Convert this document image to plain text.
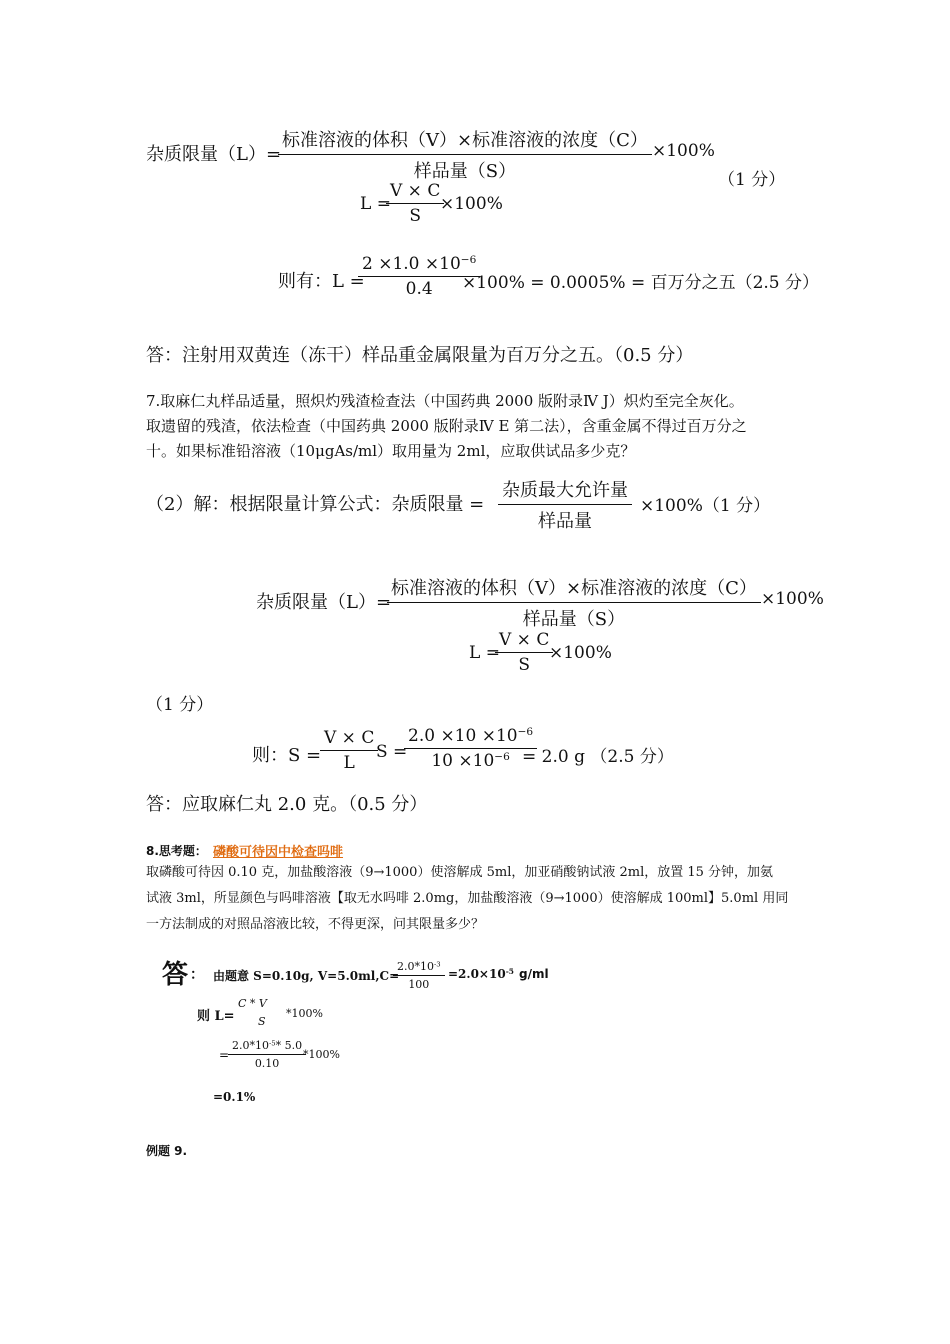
杂质限量（L）=
标准溶液的体积（V）×标准溶液的浓度（C）
样品量（S）
×100%
（1 分）
L =
$\frac{V \times C}{S}$
×100%
则有：L =
$\frac{2 \times 1.0 \times 10^{-6}}{0.4}$
×100% = 0.0005% = 百万分之五（2.5 分）
答：注射用双黄连（冻干）样品重金属限量为百万分之五。（0.5 分）
7.取麻仁丸样品适量，照炽灼残渣检查法（中国药典 2000 版附录Ⅳ J）炽灼至完全灰化。
取遗留的残渣，依法检查（中国药典 2000 版附录Ⅳ E 第二法），含重金属不得过百万分之
十。如果标准铅溶液（10μgAs/ml）取用量为 2ml，应取供试品多少克？
（2）解：根据限量计算公式：杂质限量 =
杂质最大允许量
样品量
×100%（1 分）
杂质限量（L）=
标准溶液的体积（V）×标准溶液的浓度（C）
样品量（S）
×100%
L =
$\frac{V \times C}{S}$
×100%
（1 分）
则：S =
$\frac{V \times C}{L}$
S =
$\frac{2.0 \times 10 \times 10^{-6}}{10 \times 10^{-6}}$
= 2.0 g （2.5 分）
答：应取麻仁丸 2.0 克。（0.5 分）
8.思考题： 磷酸可待因中检查吗啡
取磷酸可待因 0.10 克，加盐酸溶液（9→1000）使溶解成 5ml，加亚硝酸钠试液 2ml，放置 15 分钟，加氨
试液 3ml，所显颜色与吗啡溶液【取无水吗啡 2.0mg，加盐酸溶液（9→1000）使溶解成 100ml】5.0ml 用同
一方法制成的对照品溶液比较，不得更深，问其限量多少？
答 ： 由题意 S=0.10g, V=5.0ml,C=
$\frac{2.0*10^{-3}}{100} =2.0\times 10^{-5}$ g/ml
则 L=
C * V
S
*100%
=
$\frac{2.0*10^{-5}* 5.0}{0.10}$
*100%
=0.1%
例题 9.
